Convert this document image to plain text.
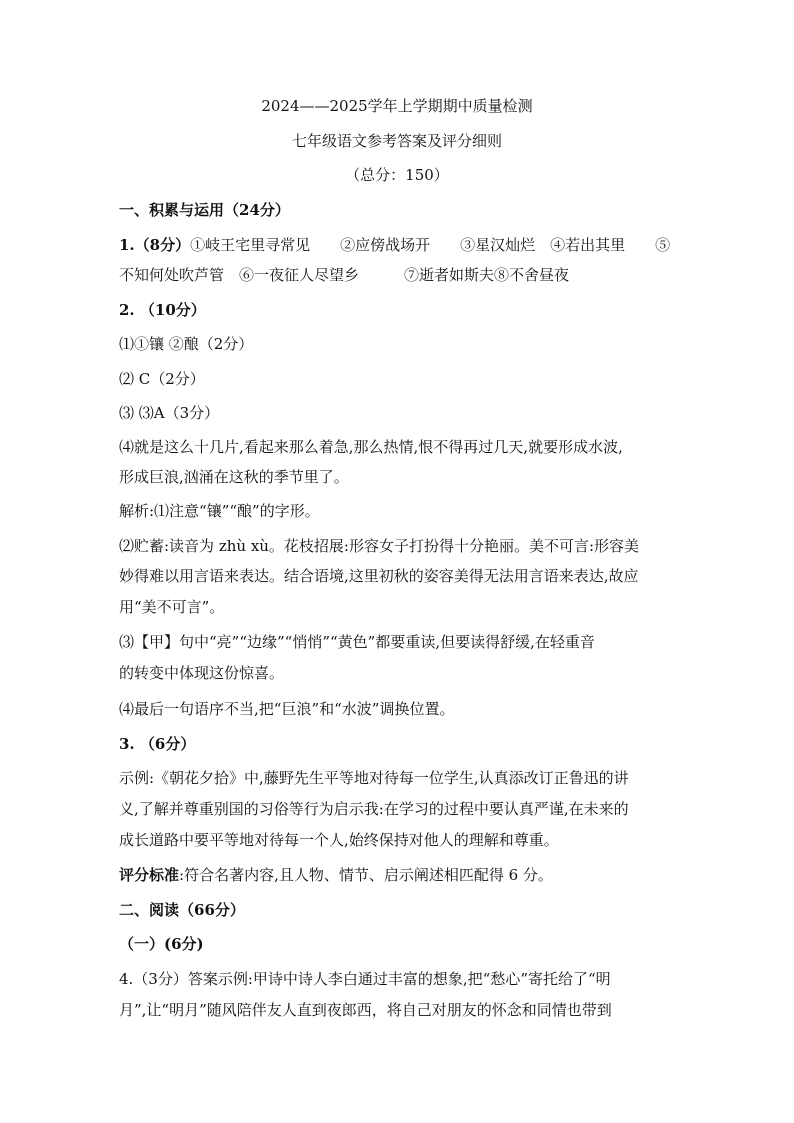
2024——2025学年上学期期中质量检测
七年级语文参考答案及评分细则
（总分：150）
一、积累与运用（24分）
1.（8分）①岐王宅里寻常见　　②应傍战场开　　③星汉灿烂　④若出其里　　⑤
不知何处吹芦管　⑥一夜征人尽望乡　　　⑦逝者如斯夫⑧不舍昼夜
2. （10分）
⑴①镶 ②酿（2分）
⑵ C（2分）
⑶ ⑶A（3分）
⑷就是这么十几片,看起来那么着急,那么热情,恨不得再过几天,就要形成水波,
形成巨浪,汹涌在这秋的季节里了。
解析:⑴注意“镶”“酿”的字形。
⑵贮蓄:读音为 zhù xù。花枝招展:形容女子打扮得十分艳丽。美不可言:形容美
妙得难以用言语来表达。结合语境,这里初秋的姿容美得无法用言语来表达,故应
用“美不可言”。
⑶【甲】句中“亮”“边缘”“悄悄”“黄色”都要重读,但要读得舒缓,在轻重音
的转变中体现这份惊喜。
⑷最后一句语序不当,把“巨浪”和“水波”调换位置。
3. （6分）
示例:《朝花夕拾》中,藤野先生平等地对待每一位学生,认真添改订正鲁迅的讲
义,了解并尊重别国的习俗等行为启示我:在学习的过程中要认真严谨,在未来的
成长道路中要平等地对待每一个人,始终保持对他人的理解和尊重。
评分标准:符合名著内容,且人物、情节、启示阐述相匹配得 6 分。
二、阅读（66分）
（一）(6分)
4.（3分）答案示例:甲诗中诗人李白通过丰富的想象,把“愁心”寄托给了“明
月”,让“明月”随风陪伴友人直到夜郎西，将自己对朋友的怀念和同情也带到
